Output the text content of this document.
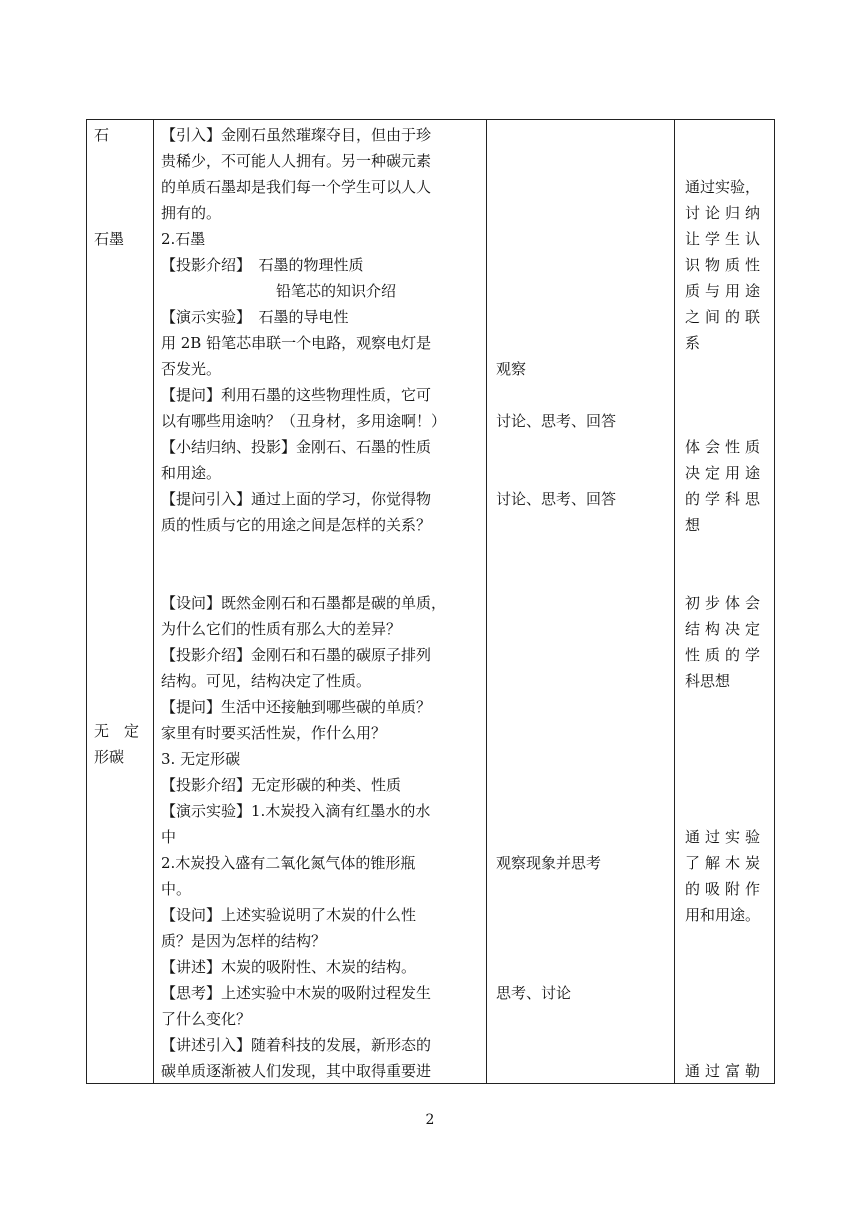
石
石墨
无　定
形碳
【引入】金刚石虽然璀璨夺目，但由于珍
贵稀少，不可能人人拥有。另一种碳元素
的单质石墨却是我们每一个学生可以人人
拥有的。
2.石墨
【投影介绍】　石墨的物理性质
铅笔芯的知识介绍
【演示实验】　石墨的导电性
用 2B 铅笔芯串联一个电路，观察电灯是
否发光。
【提问】利用石墨的这些物理性质，它可
以有哪些用途呐？（丑身材，多用途啊！）
【小结归纳、投影】金刚石、石墨的性质
和用途。
【提问引入】通过上面的学习，你觉得物
质的性质与它的用途之间是怎样的关系？
【设问】既然金刚石和石墨都是碳的单质，
为什么它们的性质有那么大的差异？
【投影介绍】金刚石和石墨的碳原子排列
结构。可见，结构决定了性质。
【提问】生活中还接触到哪些碳的单质？
家里有时要买活性炭，作什么用？
3. 无定形碳
【投影介绍】无定形碳的种类、性质
【演示实验】1.木炭投入滴有红墨水的水
中
2.木炭投入盛有二氧化氮气体的锥形瓶
中。
【设问】上述实验说明了木炭的什么性
质？是因为怎样的结构？
【讲述】木炭的吸附性、木炭的结构。
【思考】上述实验中木炭的吸附过程发生
了什么变化？
【讲述引入】随着科技的发展，新形态的
碳单质逐渐被人们发现，其中取得重要进
观察
讨论、思考、回答
讨论、思考、回答
观察现象并思考
思考、讨论
通过实验，
讨论归纳
让学生认
识物质性
质与用途
之间的联
系
体会性质
决定用途
的学科思
想
初步体会
结构决定
性质的学
科思想
通过实验
了解木炭
的吸附作
用和用途。
通过富勒
2
